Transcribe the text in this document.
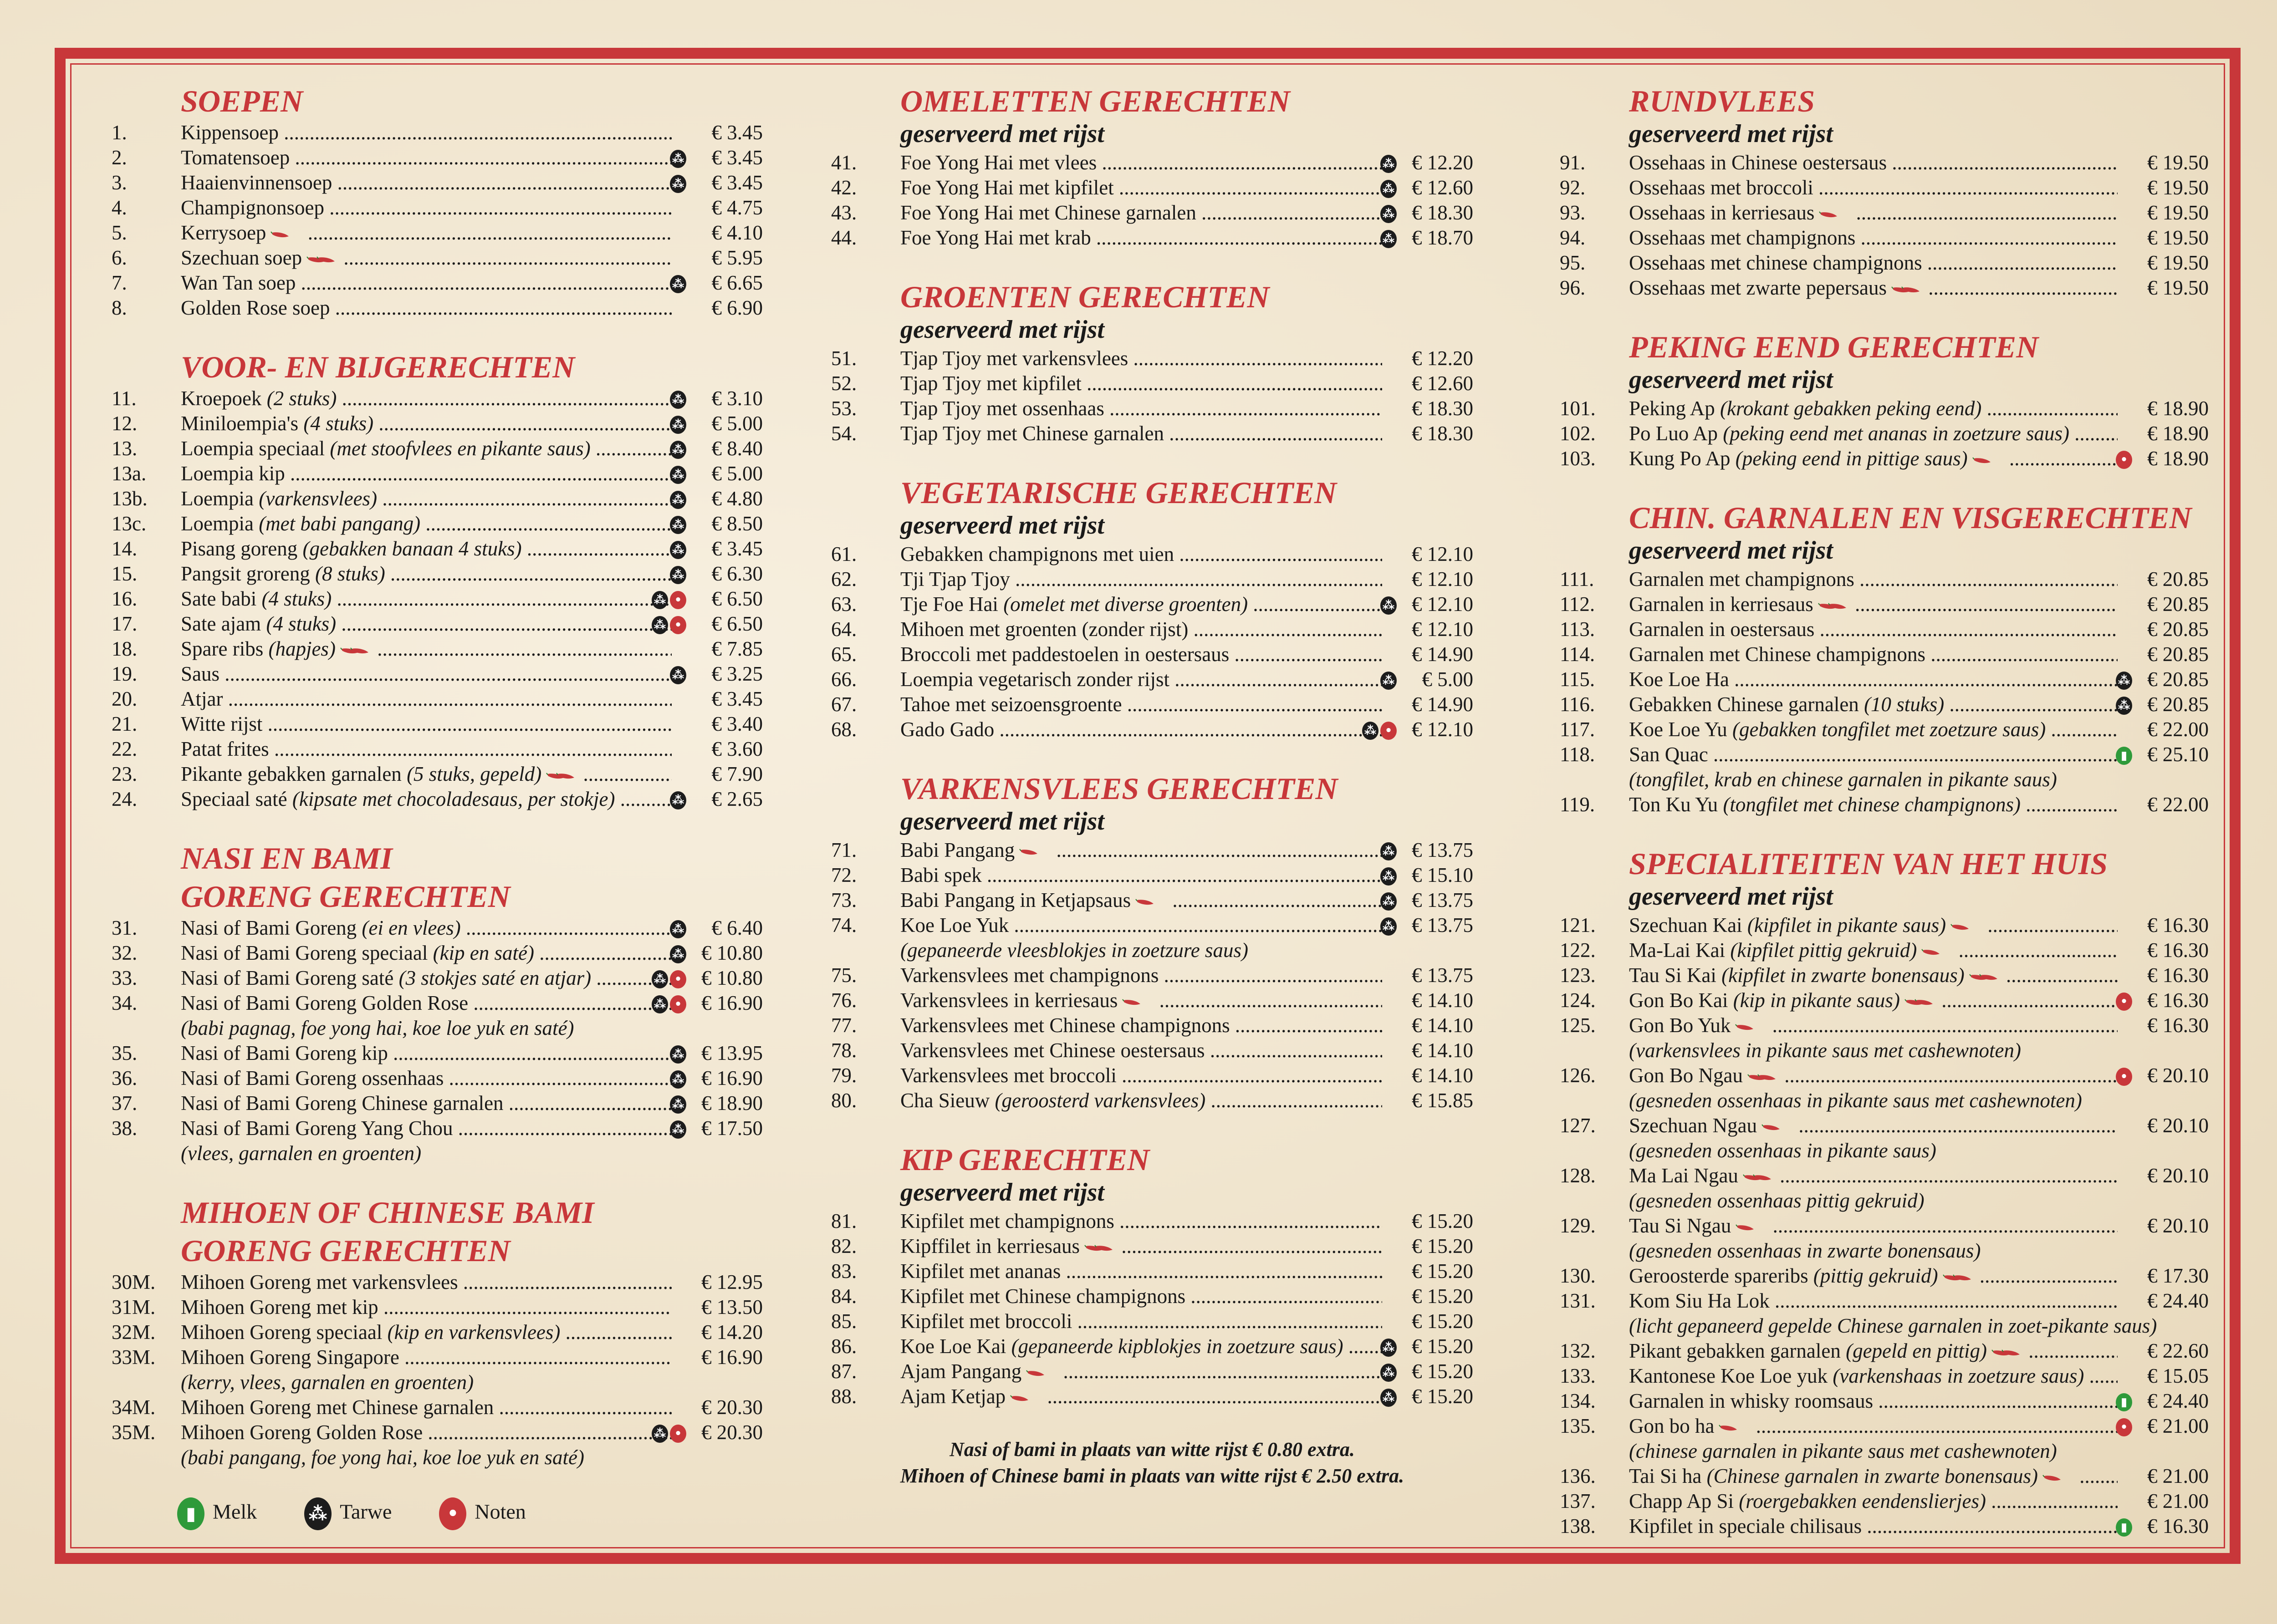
SOEPEN
1.	Kippensoep .....	€ 3.45
2.	Tomatensoep .....	⁂ € 3.45
3.	Haaienvinnensoep .....	⁂ € 3.45
4.	Champignonsoep .....	€ 4.75
5.	Kerrysoep .....	€ 4.10
6.	Szechuan soep .....	€ 5.95
7.	Wan Tan soep .....	⁂ € 6.65
8.	Golden Rose soep .....	€ 6.90
VOOR- EN BIJGERECHTEN
11. Kroepoek (2 stuks) .....	⁂ € 3.10
12. Miniloempia's (4 stuks) .....	⁂ € 5.00
13. Loempia speciaal (met stoofvlees en pikante saus) .....	⁂ € 8.40
13a. Loempia kip .....	⁂ € 5.00
13b. Loempia (varkensvlees) .....	⁂ € 4.80
13c. Loempia (met babi pangang) .....	⁂ € 8.50
14. Pisang goreng (gebakken banaan 4 stuks) .....	⁂ € 3.45
15. Pangsit groreng (8 stuks) .....	⁂ € 6.30
16. Sate babi (4 stuks) .....	⁂ • € 6.50
17. Sate ajam (4 stuks) .....	⁂ • € 6.50
18. Spare ribs (hapjes) .....	€ 7.85
19. Saus .....	⁂ € 3.25
20. Atjar .....	€ 3.45
21. Witte rijst .....	€ 3.40
22. Patat frites .....	€ 3.60
23. Pikante gebakken garnalen (5 stuks, gepeld) .....	€ 7.90
24. Speciaal saté (kipsate met chocoladesaus, per stokje) .....	⁂ € 2.65
NASI EN BAMI
GORENG GERECHTEN
31. Nasi of Bami Goreng (ei en vlees) .....	⁂ € 6.40
32. Nasi of Bami Goreng speciaal (kip en saté) .....	⁂ € 10.80
33. Nasi of Bami Goreng saté (3 stokjes saté en atjar) .....	⁂ • € 10.80
34. Nasi of Bami Goreng Golden Rose .....	⁂ • € 16.90
(babi pagnag, foe yong hai, koe loe yuk en saté)
35. Nasi of Bami Goreng kip .....	⁂ € 13.95
36. Nasi of Bami Goreng ossenhaas .....	⁂ € 16.90
37. Nasi of Bami Goreng Chinese garnalen .....	⁂ € 18.90
38. Nasi of Bami Goreng Yang Chou .....	⁂ € 17.50
(vlees, garnalen en groenten)
MIHOEN OF CHINESE BAMI
GORENG GERECHTEN
30M. Mihoen Goreng met varkensvlees .....	€ 12.95
31M. Mihoen Goreng met kip .....	€ 13.50
32M. Mihoen Goreng speciaal (kip en varkensvlees) .....	€ 14.20
33M. Mihoen Goreng Singapore .....	€ 16.90
(kerry, vlees, garnalen en groenten)
34M. Mihoen Goreng met Chinese garnalen .....	€ 20.30
35M. Mihoen Goreng Golden Rose .....	⁂ • € 20.30
(babi pangang, foe yong hai, koe loe yuk en saté)
▮ Melk	⁂ Tarwe	• Noten
OMELETTEN GERECHTEN
geserveerd met rijst
41. Foe Yong Hai met vlees .....	⁂ € 12.20
42. Foe Yong Hai met kipfilet .....	⁂ € 12.60
43. Foe Yong Hai met Chinese garnalen .....	⁂ € 18.30
44. Foe Yong Hai met krab .....	⁂ € 18.70
GROENTEN GERECHTEN
geserveerd met rijst
51. Tjap Tjoy met varkensvlees .....	€ 12.20
52. Tjap Tjoy met kipfilet .....	€ 12.60
53. Tjap Tjoy met ossenhaas .....	€ 18.30
54. Tjap Tjoy met Chinese garnalen .....	€ 18.30
VEGETARISCHE GERECHTEN
geserveerd met rijst
61. Gebakken champignons met uien .....	€ 12.10
62. Tji Tjap Tjoy .....	€ 12.10
63. Tje Foe Hai (omelet met diverse groenten) .....	⁂ € 12.10
64. Mihoen met groenten (zonder rijst) .....	€ 12.10
65. Broccoli met paddestoelen in oestersaus .....	€ 14.90
66. Loempia vegetarisch zonder rijst .....	⁂ € 5.00
67. Tahoe met seizoensgroente .....	€ 14.90
68. Gado Gado .....	⁂ • € 12.10
VARKENSVLEES GERECHTEN
geserveerd met rijst
71. Babi Pangang .....	⁂ € 13.75
72. Babi spek .....	⁂ € 15.10
73. Babi Pangang in Ketjapsaus .....	⁂ € 13.75
74. Koe Loe Yuk .....	⁂ € 13.75
(gepaneerde vleesblokjes in zoetzure saus)
75. Varkensvlees met champignons .....	€ 13.75
76. Varkensvlees in kerriesaus .....	€ 14.10
77. Varkensvlees met Chinese champignons .....	€ 14.10
78. Varkensvlees met Chinese oestersaus .....	€ 14.10
79. Varkensvlees met broccoli .....	€ 14.10
80. Cha Sieuw (geroosterd varkensvlees) .....	€ 15.85
KIP GERECHTEN
geserveerd met rijst
81. Kipfilet met champignons .....	€ 15.20
82. Kipffilet in kerriesaus .....	€ 15.20
83. Kipfilet met ananas .....	€ 15.20
84. Kipfilet met Chinese champignons .....	€ 15.20
85. Kipfilet met broccoli .....	€ 15.20
86. Koe Loe Kai (gepaneerde kipblokjes in zoetzure saus) .....	⁂ € 15.20
87. Ajam Pangang .....	⁂ € 15.20
88. Ajam Ketjap .....	⁂ € 15.20
Nasi of bami in plaats van witte rijst € 0.80 extra.
Mihoen of Chinese bami in plaats van witte rijst € 2.50 extra.
RUNDVLEES
geserveerd met rijst
91. Ossehaas in Chinese oestersaus .....	€ 19.50
92. Ossehaas met broccoli .....	€ 19.50
93. Ossehaas in kerriesaus .....	€ 19.50
94. Ossehaas met champignons .....	€ 19.50
95. Ossehaas met chinese champignons .....	€ 19.50
96. Ossehaas met zwarte pepersaus .....	€ 19.50
PEKING EEND GERECHTEN
geserveerd met rijst
101. Peking Ap (krokant gebakken peking eend) .....	€ 18.90
102. Po Luo Ap (peking eend met ananas in zoetzure saus) .....	€ 18.90
103. Kung Po Ap (peking eend in pittige saus) .....	• € 18.90
CHIN. GARNALEN EN VISGERECHTEN
geserveerd met rijst
111. Garnalen met champignons .....	€ 20.85
112. Garnalen in kerriesaus .....	€ 20.85
113. Garnalen in oestersaus .....	€ 20.85
114. Garnalen met Chinese champignons .....	€ 20.85
115. Koe Loe Ha .....	⁂ € 20.85
116. Gebakken Chinese garnalen (10 stuks) .....	⁂ € 20.85
117. Koe Loe Yu (gebakken tongfilet met zoetzure saus) .....	€ 22.00
118. San Quac .....	▮ € 25.10
(tongfilet, krab en chinese garnalen in pikante saus)
119. Ton Ku Yu (tongfilet met chinese champignons) .....	€ 22.00
SPECIALITEITEN VAN HET HUIS
geserveerd met rijst
121. Szechuan Kai (kipfilet in pikante saus) .....	€ 16.30
122. Ma-Lai Kai (kipfilet pittig gekruid) .....	€ 16.30
123. Tau Si Kai (kipfilet in zwarte bonensaus) .....	€ 16.30
124. Gon Bo Kai (kip in pikante saus) .....	• € 16.30
125. Gon Bo Yuk .....	€ 16.30
(varkensvlees in pikante saus met cashewnoten)
126. Gon Bo Ngau .....	• € 20.10
(gesneden ossenhaas in pikante saus met cashewnoten)
127. Szechuan Ngau .....	€ 20.10
(gesneden ossenhaas in pikante saus)
128. Ma Lai Ngau .....	€ 20.10
(gesneden ossenhaas pittig gekruid)
129. Tau Si Ngau .....	€ 20.10
(gesneden ossenhaas in zwarte bonensaus)
130. Geroosterde spareribs (pittig gekruid) .....	€ 17.30
131. Kom Siu Ha Lok .....	€ 24.40
(licht gepaneerd gepelde Chinese garnalen in zoet-pikante saus)
132. Pikant gebakken garnalen (gepeld en pittig) .....	€ 22.60
133. Kantonese Koe Loe yuk (varkenshaas in zoetzure saus) .....	€ 15.05
134. Garnalen in whisky roomsaus .....	▮ € 24.40
135. Gon bo ha .....	• € 21.00
(chinese garnalen in pikante saus met cashewnoten)
136. Tai Si ha (Chinese garnalen in zwarte bonensaus) .....	€ 21.00
137. Chapp Ap Si (roergebakken eendenslierjes) .....	€ 21.00
138. Kipfilet in speciale chilisaus .....	▮ € 16.30
